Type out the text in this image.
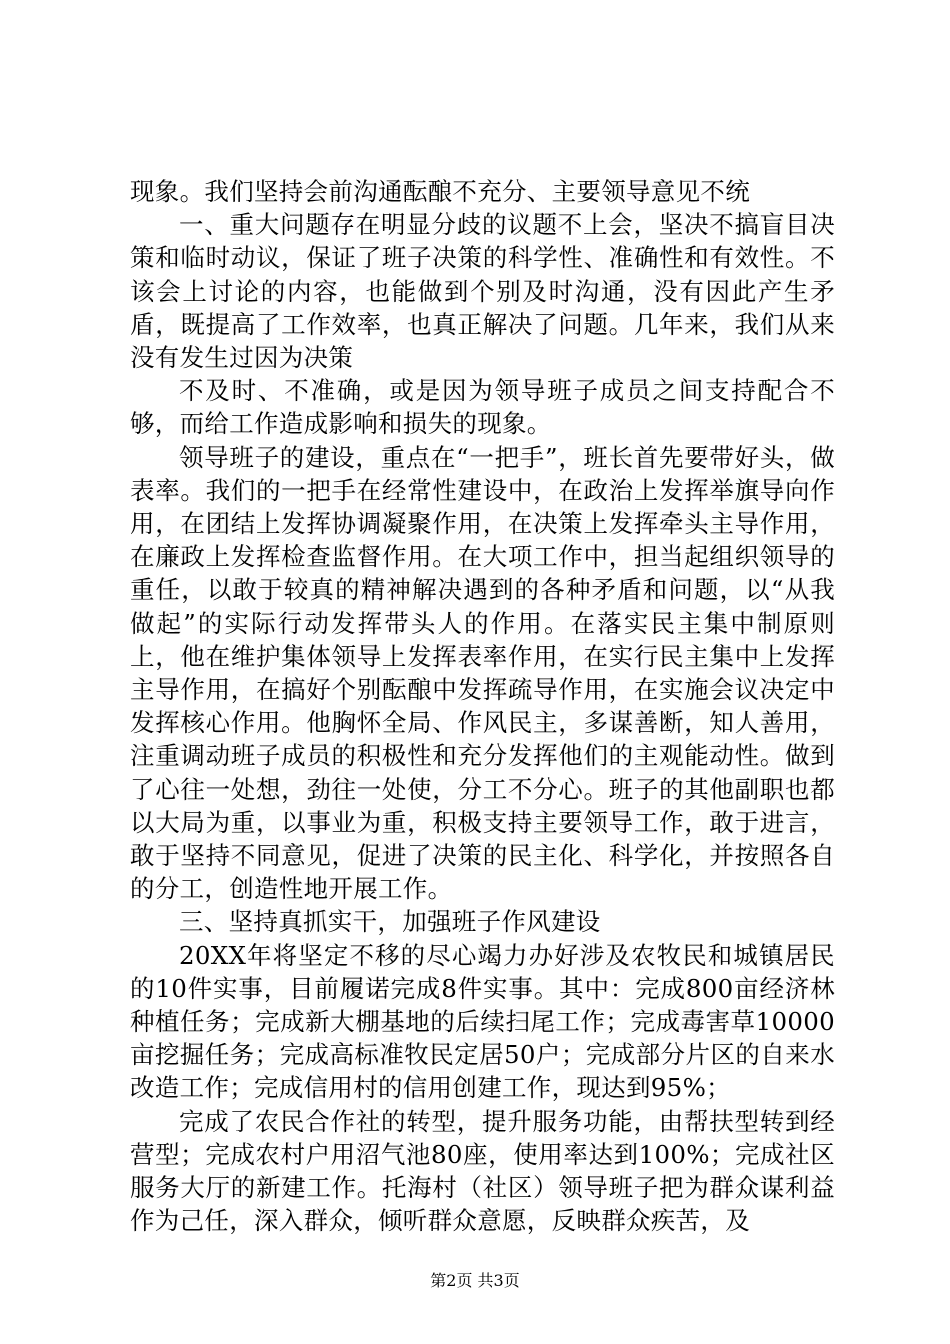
现象。我们坚持会前沟通酝酿不充分、主要领导意见不统

一、重大问题存在明显分歧的议题不上会，坚决不搞盲目决策和临时动议，保证了班子决策的科学性、准确性和有效性。不该会上讨论的内容，也能做到个别及时沟通，没有因此产生矛盾，既提高了工作效率，也真正解决了问题。几年来，我们从来没有发生过因为决策

不及时、不准确，或是因为领导班子成员之间支持配合不够，而给工作造成影响和损失的现象。

领导班子的建设，重点在“一把手”，班长首先要带好头，做表率。我们的一把手在经常性建设中，在政治上发挥举旗导向作用，在团结上发挥协调凝聚作用，在决策上发挥牵头主导作用，在廉政上发挥检查监督作用。在大项工作中，担当起组织领导的重任，以敢于较真的精神解决遇到的各种矛盾和问题，以“从我做起”的实际行动发挥带头人的作用。在落实民主集中制原则上，他在维护集体领导上发挥表率作用，在实行民主集中上发挥主导作用，在搞好个别酝酿中发挥疏导作用，在实施会议决定中发挥核心作用。他胸怀全局、作风民主，多谋善断，知人善用，注重调动班子成员的积极性和充分发挥他们的主观能动性。做到了心往一处想，劲往一处使，分工不分心。班子的其他副职也都以大局为重，以事业为重，积极支持主要领导工作，敢于进言，敢于坚持不同意见，促进了决策的民主化、科学化，并按照各自的分工，创造性地开展工作。

三、坚持真抓实干，加强班子作风建设

20XX年将坚定不移的尽心竭力办好涉及农牧民和城镇居民的10件实事，目前履诺完成8件实事。其中：完成800亩经济林种植任务；完成新大棚基地的后续扫尾工作；完成毒害草10000亩挖掘任务；完成高标准牧民定居50户；完成部分片区的自来水改造工作；完成信用村的信用创建工作，现达到95%；

完成了农民合作社的转型，提升服务功能，由帮扶型转到经营型；完成农村户用沼气池80座，使用率达到100%；完成社区服务大厅的新建工作。托海村（社区）领导班子把为群众谋利益作为己任，深入群众，倾听群众意愿，反映群众疾苦，及

第2页 共3页
